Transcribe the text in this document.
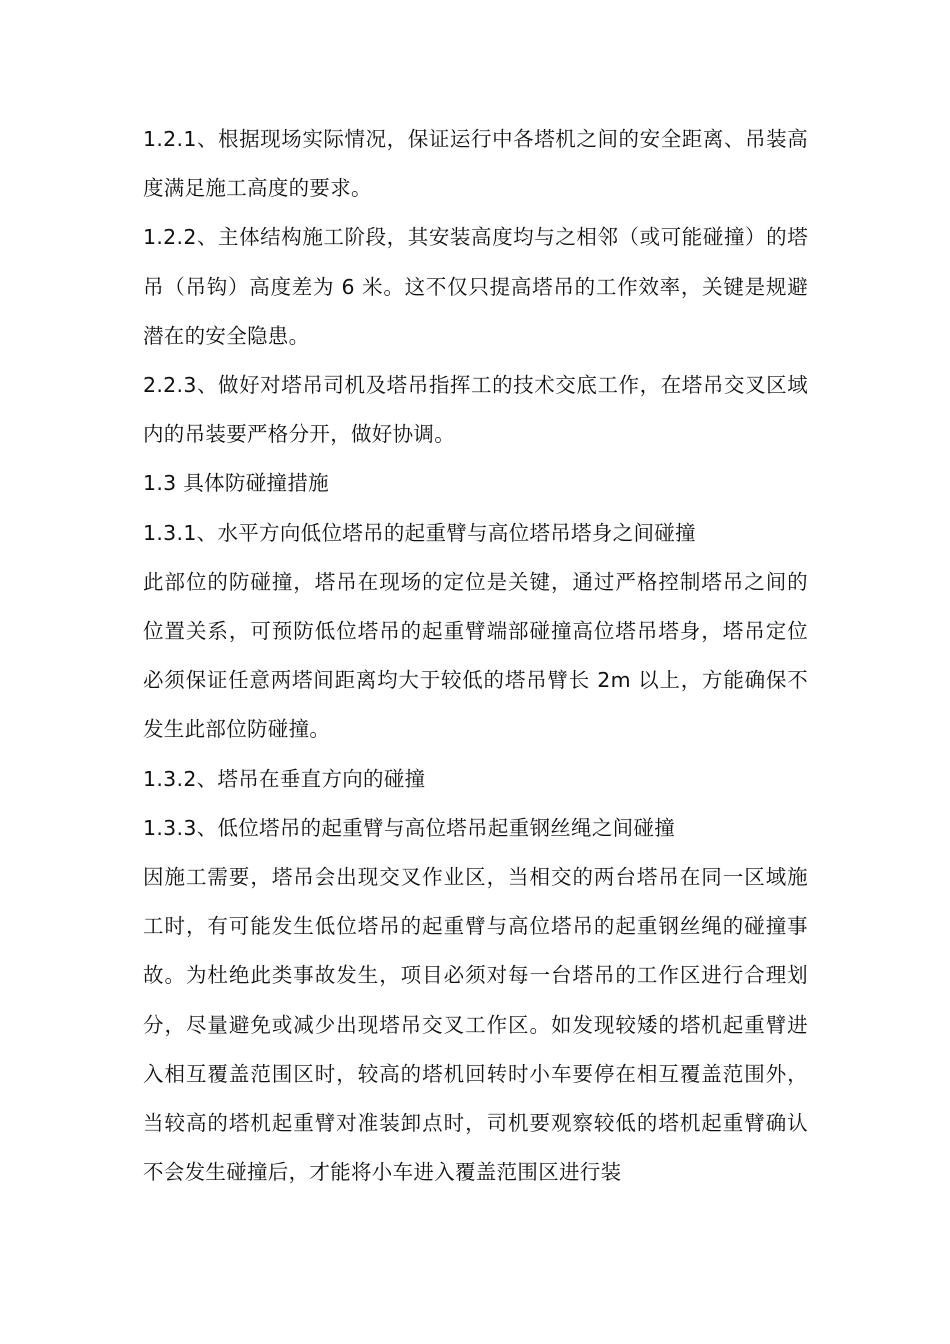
1.2.1、根据现场实际情况，保证运行中各塔机之间的安全距离、吊装高度满足施工高度的要求。

1.2.2、主体结构施工阶段，其安装高度均与之相邻（或可能碰撞）的塔吊（吊钩）高度差为 6 米。这不仅只提高塔吊的工作效率，关键是规避潜在的安全隐患。

2.2.3、做好对塔吊司机及塔吊指挥工的技术交底工作，在塔吊交叉区域内的吊装要严格分开，做好协调。

1.3 具体防碰撞措施

1.3.1、水平方向低位塔吊的起重臂与高位塔吊塔身之间碰撞

此部位的防碰撞，塔吊在现场的定位是关键，通过严格控制塔吊之间的位置关系，可预防低位塔吊的起重臂端部碰撞高位塔吊塔身，塔吊定位必须保证任意两塔间距离均大于较低的塔吊臂长 2m 以上，方能确保不发生此部位防碰撞。

1.3.2、塔吊在垂直方向的碰撞

1.3.3、低位塔吊的起重臂与高位塔吊起重钢丝绳之间碰撞

因施工需要，塔吊会出现交叉作业区，当相交的两台塔吊在同一区域施工时，有可能发生低位塔吊的起重臂与高位塔吊的起重钢丝绳的碰撞事故。为杜绝此类事故发生，项目必须对每一台塔吊的工作区进行合理划分，尽量避免或减少出现塔吊交叉工作区。如发现较矮的塔机起重臂进入相互覆盖范围区时，较高的塔机回转时小车要停在相互覆盖范围外，当较高的塔机起重臂对准装卸点时，司机要观察较低的塔机起重臂确认不会发生碰撞后，才能将小车进入覆盖范围区进行装
